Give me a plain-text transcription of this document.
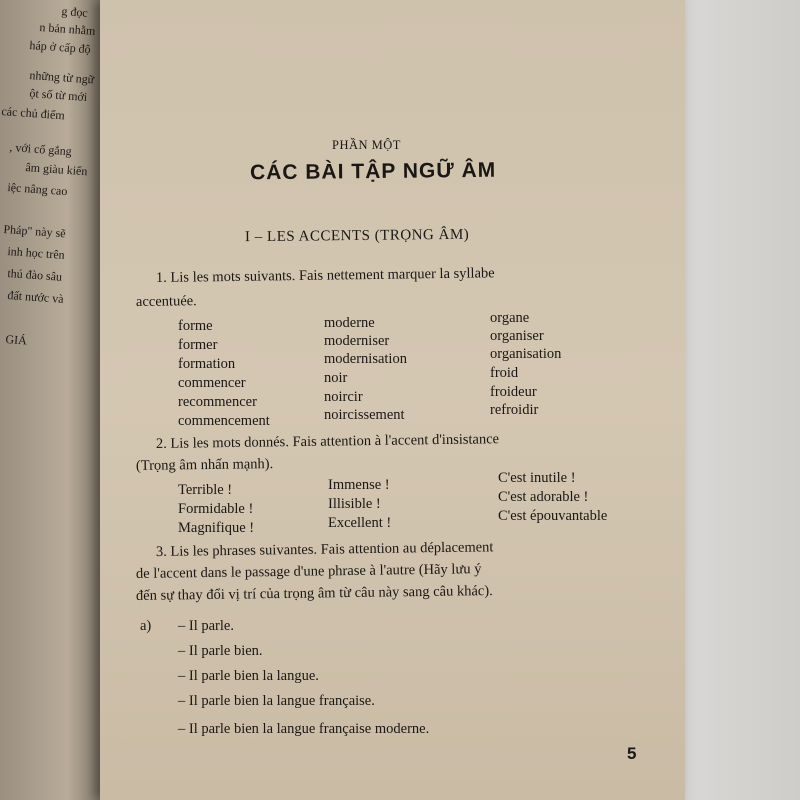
g đọc
n bản nhằm
háp ở cấp độ
những từ ngữ
ột số từ mới
các chủ điểm
, với cố gắng
âm giàu kiến
iệc nâng cao
Pháp" này sẽ
inh học trên
thú đào sâu
đất nước và
GIÁ
PHẦN MỘT
CÁC BÀI TẬP NGỮ ÂM
I – LES ACCENTS (TRỌNG ÂM)
1. Lis les mots suivants. Fais nettement marquer la syllabe
accentuée.
forme
former
formation
commencer
recommencer
commencement
moderne
moderniser
modernisation
noir
noircir
noircissement
organe
organiser
organisation
froid
froideur
refroidir
2. Lis les mots donnés. Fais attention à l'accent d'insistance
(Trọng âm nhấn mạnh).
Terrible !
Formidable !
Magnifique !
Immense !
Illisible !
Excellent !
C'est inutile !
C'est adorable !
C'est épouvantable
3. Lis les phrases suivantes. Fais attention au déplacement
de l'accent dans le passage d'une phrase à l'autre (Hãy lưu ý
đến sự thay đổi vị trí của trọng âm từ câu này sang câu khác).
a) – Il parle.
– Il parle bien.
– Il parle bien la langue.
– Il parle bien la langue française.
– Il parle bien la langue française moderne.
5
